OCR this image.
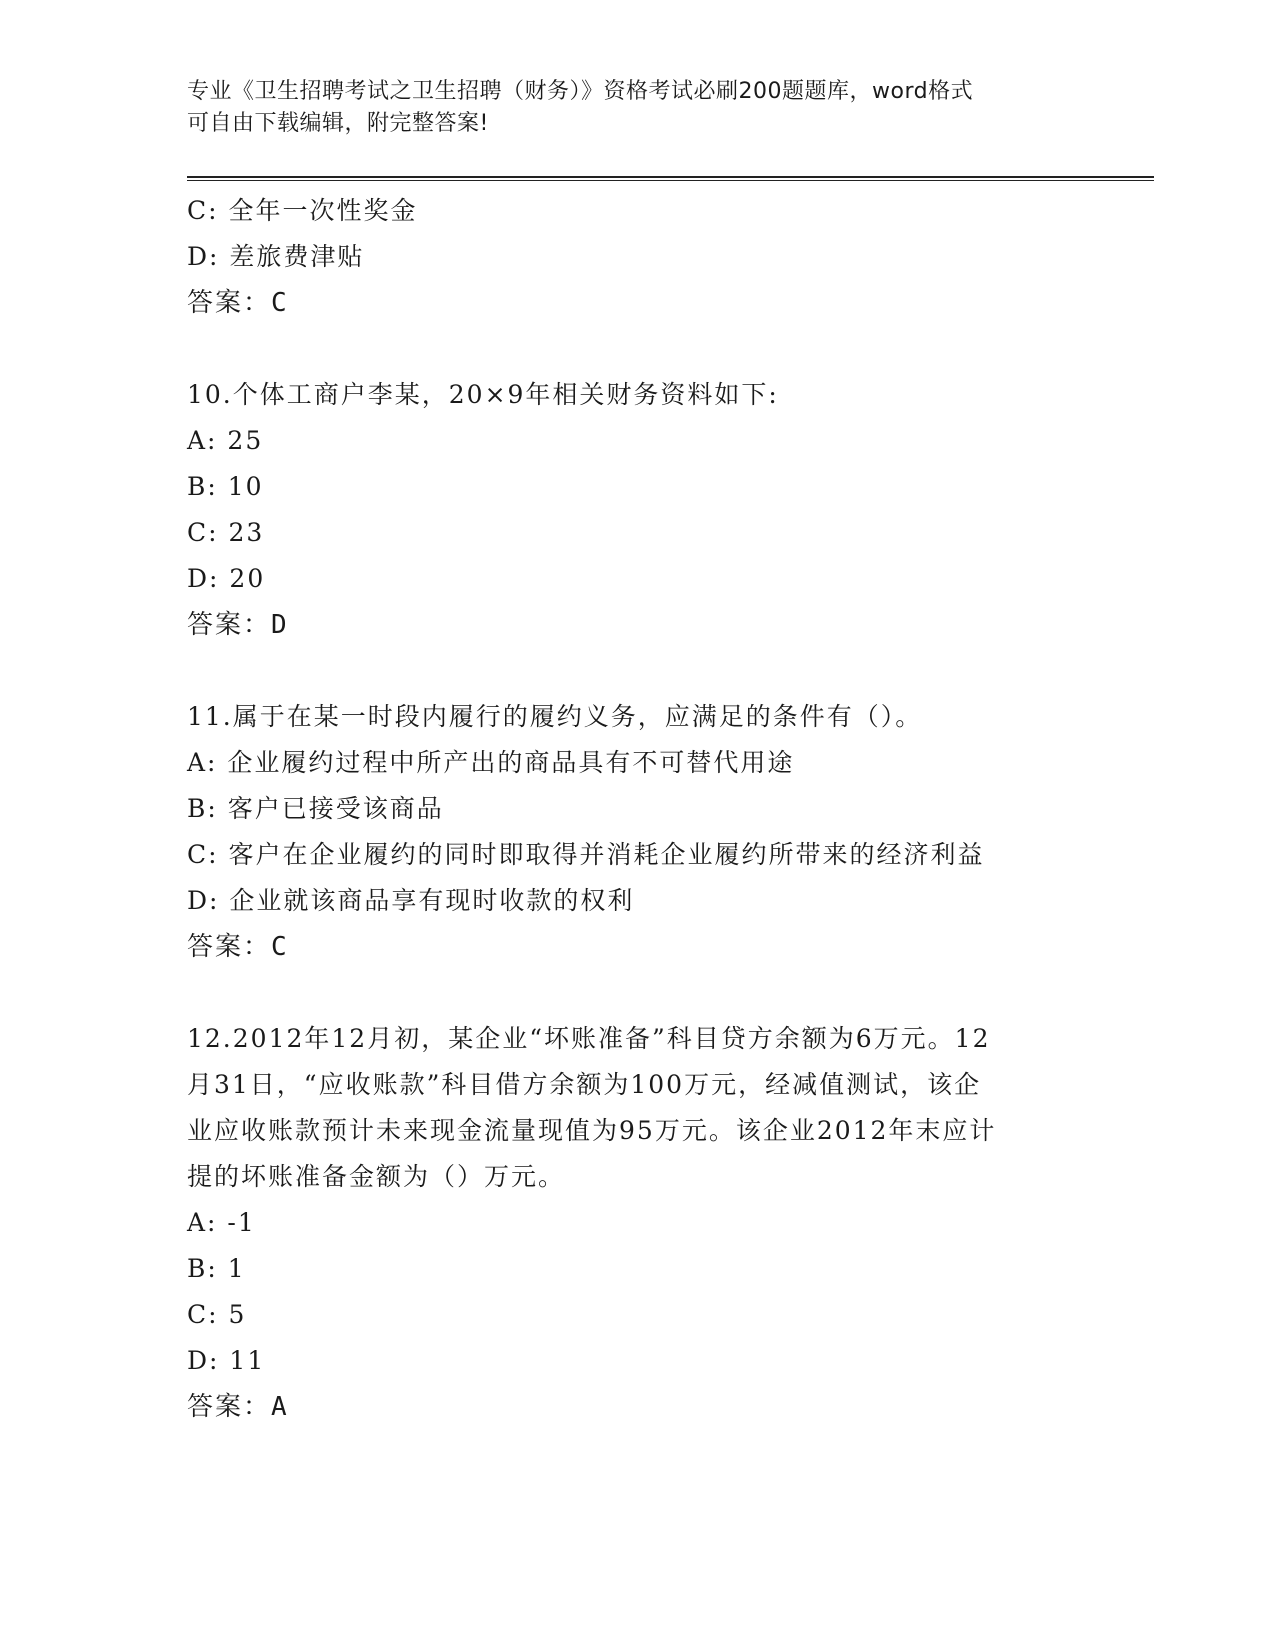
专业《卫生招聘考试之卫生招聘（财务）》资格考试必刷200题题库，word格式
可自由下载编辑，附完整答案!
C: 全年一次性奖金
D: 差旅费津贴
答案：C
10.个体工商户李某，20×9年相关财务资料如下:
A: 25
B: 10
C: 23
D: 20
答案：D
11.属于在某一时段内履行的履约义务，应满足的条件有（）。
A: 企业履约过程中所产出的商品具有不可替代用途
B: 客户已接受该商品
C: 客户在企业履约的同时即取得并消耗企业履约所带来的经济利益
D: 企业就该商品享有现时收款的权利
答案：C
12.2012年12月初，某企业“坏账准备”科目贷方余额为6万元。12
月31日，“应收账款”科目借方余额为100万元，经减值测试，该企
业应收账款预计未来现金流量现值为95万元。该企业2012年末应计
提的坏账准备金额为（）万元。
A: -1
B: 1
C: 5
D: 11
答案：A
